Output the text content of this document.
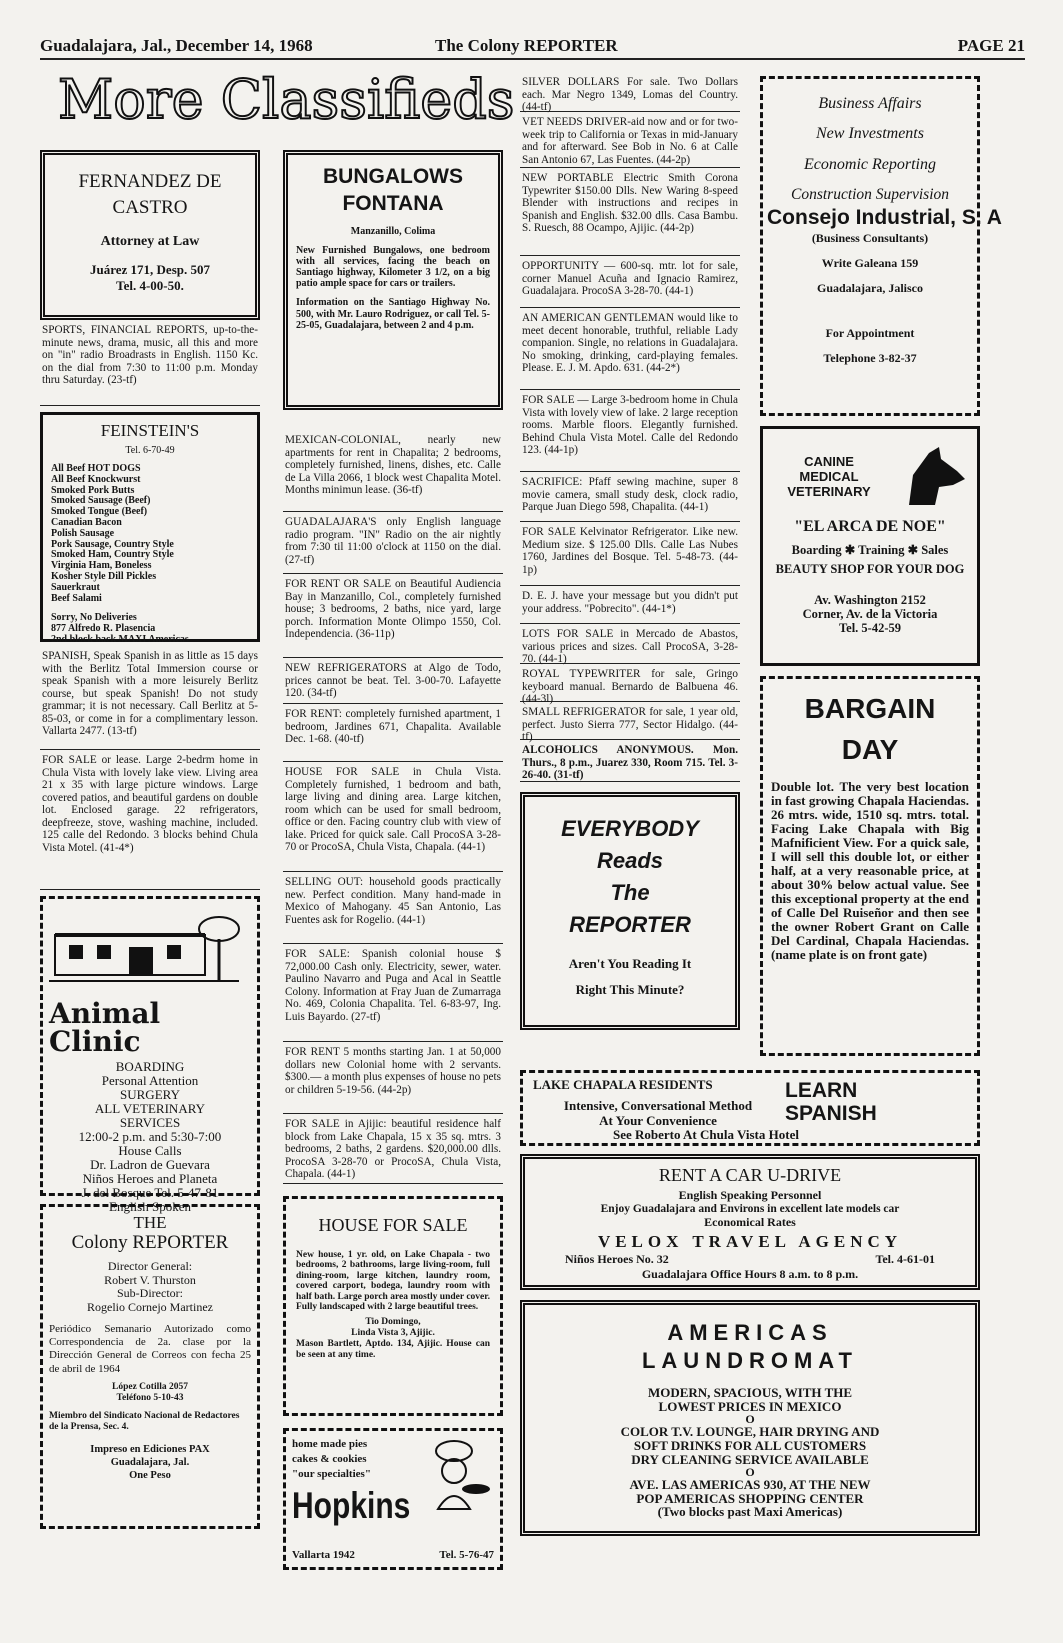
Guadalajara, Jal., December 14, 1968	The Colony REPORTER	PAGE 21
More Classifieds
FERNANDEZ DE CASTRO
Attorney at Law
Juárez 171, Desp. 507
Tel. 4-00-50.
SPORTS, FINANCIAL REPORTS, up-to-the-minute news, drama, music, all this and more on "in" radio Broadrasts in English. 1150 Kc. on the dial from 7:30 to 11:00 p.m. Monday thru Saturday. (23-tf)
FEINSTEIN'S
Tel. 6-70-49
All Beef HOT DOGS
All Beef Knockwurst
Smoked Pork Butts
Smoked Sausage (Beef)
Smoked Tongue (Beef)
Canadian Bacon
Polish Sausage
Pork Sausage, Country Style
Smoked Ham, Country Style
Virginia Ham, Boneless
Kosher Style Dill Pickles
Sauerkraut
Beef Salami
Sorry, No Deliveries
877 Alfredo R. Plasencia
2nd block back MAXI Americas
SPANISH, Speak Spanish in as little as 15 days with the Berlitz Total Immersion course or speak Spanish with a more leisurely Berlitz course, but speak Spanish! Do not study grammar; it is not necessary. Call Berlitz at 5-85-03, or come in for a complimentary lesson. Vallarta 2477. (13-tf)
FOR SALE or lease. Large 2-bedrm home in Chula Vista with lovely lake view. Living area 21 x 35 with large picture windows. Large covered patios, and beautiful gardens on double lot. Enclosed garage. 22 refrigerators, deepfreeze, stove, washing machine, included. 125 calle del Redondo. 3 blocks behind Chula Vista Motel. (41-4*)
Animal Clinic
BOARDING
Personal Attention
SURGERY
ALL VETERINARY
SERVICES
12:00-2 p.m. and 5:30-7:00
House Calls
Dr. Ladron de Guevara
Niños Heroes and Planeta
J. del Bosque Tel. 5-47-81
English Spoken
THE
Colony REPORTER
Director General:
Robert V. Thurston
Sub-Director:
Rogelio Cornejo Martinez
Periódico Semanario Autorizado como Correspondencia de 2a. clase por la Dirección General de Correos con fecha 25 de abril de 1964
López Cotilla 2057
Teléfono 5-10-43
Miembro del Sindicato Nacional de Redactores de la Prensa, Sec. 4.
Impreso en Ediciones PAX
Guadalajara, Jal.
One Peso
BUNGALOWS FONTANA
Manzanillo, Colima
New Furnished Bungalows, one bedroom with all services, facing the beach on Santiago highway, Kilometer 3 1/2, on a big patio ample space for cars or trailers.
Information on the Santiago Highway No. 500, with Mr. Lauro Rodriguez, or call Tel. 5-25-05, Guadalajara, between 2 and 4 p.m.
MEXICAN-COLONIAL, nearly new apartments for rent in Chapalita; 2 bedrooms, completely furnished, linens, dishes, etc. Calle de La Villa 2066, 1 block west Chapalita Motel. Months minimun lease. (36-tf)
GUADALAJARA'S only English language radio program. "IN" Radio on the air nightly from 7:30 til 11:00 o'clock at 1150 on the dial. (27-tf)
FOR RENT OR SALE on Beautiful Audiencia Bay in Manzanillo, Col., completely furnished house; 3 bedrooms, 2 baths, nice yard, large porch. Information Monte Olimpo 1550, Col. Independencia. (36-11p)
NEW REFRIGERATORS at Algo de Todo, prices cannot be beat. Tel. 3-00-70. Lafayette 120. (34-tf)
FOR RENT: completely furnished apartment, 1 bedroom, Jardines 671, Chapalita. Available Dec. 1-68. (40-tf)
HOUSE FOR SALE in Chula Vista. Completely furnished, 1 bedroom and bath, large living and dining area. Large kitchen, room which can be used for small bedroom, office or den. Facing country club with view of lake. Priced for quick sale. Call ProcoSA 3-28-70 or ProcoSA, Chula Vista, Chapala. (44-1)
SELLING OUT: household goods practically new. Perfect condition. Many hand-made in Mexico of Mahogany. 45 San Antonio, Las Fuentes ask for Rogelio. (44-1)
FOR SALE: Spanish colonial house $ 72,000.00 Cash only. Electricity, sewer, water. Paulino Navarro and Puga and Acal in Seattle Colony. Information at Fray Juan de Zumarraga No. 469, Colonia Chapalita. Tel. 6-83-97, Ing. Luis Bayardo. (27-tf)
FOR RENT 5 months starting Jan. 1 at 50,000 dollars new Colonial home with 2 servants. $300.— a month plus expenses of house no pets or children 5-19-56. (44-2p)
FOR SALE in Ajijic: beautiful residence half block from Lake Chapala, 15 x 35 sq. mtrs. 3 bedrooms, 2 baths, 2 gardens. $20,000.00 dlls. ProcoSA 3-28-70 or ProcoSA, Chula Vista, Chapala. (44-1)
HOUSE FOR SALE
New house, 1 yr. old, on Lake Chapala - two bedrooms, 2 bathrooms, large living-room, full dining-room, large kitchen, laundry room, covered carport, bodega, laundry room with half bath. Large porch area mostly under cover. Fully landscaped with 2 large beautiful trees.
Tio Domingo,
Linda Vista 3, Ajijic.
Mason Bartlett, Aptdo. 134, Ajijic. House can be seen at any time.
home made pies
cakes & cookies
"our specialties"
Hopkins
Vallarta 1942	Tel. 5-76-47
SILVER DOLLARS For sale. Two Dollars each. Mar Negro 1349, Lomas del Country. (44-tf)
VET NEEDS DRIVER-aid now and or for two-week trip to California or Texas in mid-January and for afterward. See Bob in No. 6 at Calle San Antonio 67, Las Fuentes. (44-2p)
NEW PORTABLE Electric Smith Corona Typewriter $150.00 Dlls. New Waring 8-speed Blender with instructions and recipes in Spanish and English. $32.00 dlls. Casa Bambu. S. Ruesch, 88 Ocampo, Ajijic. (44-2p)
OPPORTUNITY — 600-sq. mtr. lot for sale, corner Manuel Acuña and Ignacio Ramirez, Guadalajara. ProcoSA 3-28-70. (44-1)
AN AMERICAN GENTLEMAN would like to meet decent honorable, truthful, reliable Lady companion. Single, no relations in Guadalajara. No smoking, drinking, card-playing females. Please. E. J. M. Apdo. 631. (44-2*)
FOR SALE — Large 3-bedroom home in Chula Vista with lovely view of lake. 2 large reception rooms. Marble floors. Elegantly furnished. Behind Chula Vista Motel. Calle del Redondo 123. (44-1p)
SACRIFICE: Pfaff sewing machine, super 8 movie camera, small study desk, clock radio, Parque Juan Diego 598, Chapalita. (44-1)
FOR SALE Kelvinator Refrigerator. Like new. Medium size. $ 125.00 Dlls. Calle Las Nubes 1760, Jardines del Bosque. Tel. 5-48-73. (44-1p)
D. E. J. have your message but you didn't put your address. "Pobrecito". (44-1*)
LOTS FOR SALE in Mercado de Abastos, various prices and sizes. Call ProcoSA, 3-28-70. (44-1)
ROYAL TYPEWRITER for sale, Gringo keyboard manual. Bernardo de Balbuena 46. (44-3l)
SMALL REFRIGERATOR for sale, 1 year old, perfect. Justo Sierra 777, Sector Hidalgo. (44-tf)
ALCOHOLICS ANONYMOUS. Mon. Thurs., 8 p.m., Juarez 330, Room 715. Tel. 3-26-40. (31-tf)
EVERYBODY
Reads
The
REPORTER
Aren't You Reading It
Right This Minute?
Business Affairs
New Investments
Economic Reporting
Construction Supervision
Consejo Industrial, S. A
(Business Consultants)
Write Galeana 159
Guadalajara, Jalisco
For Appointment
Telephone 3-82-37
CANINE
MEDICAL
VETERINARY
"EL ARCA DE NOE"
Boarding ✱ Training ✱ Sales
BEAUTY SHOP FOR YOUR DOG
Av. Washington 2152
Corner, Av. de la Victoria
Tel. 5-42-59
BARGAIN
DAY
Double lot. The very best location in fast growing Chapala Haciendas. 26 mtrs. wide, 1510 sq. mtrs. total. Facing Lake Chapala with Big Mafnificient View. For a quick sale, I will sell this double lot, or either half, at a very reasonable price, at about 30% below actual value. See this exceptional property at the end of Calle Del Ruiseñor and then see the owner Robert Grant on Calle Del Cardinal, Chapala Haciendas. (name plate is on front gate)
LAKE CHAPALA RESIDENTS	LEARN
SPANISH
Intensive, Conversational Method
At Your Convenience
See Roberto At Chula Vista Hotel
RENT A CAR U-DRIVE
English Speaking Personnel
Enjoy Guadalajara and Environs in excellent late models car
Economical Rates
VELOX TRAVEL AGENCY
Niños Heroes No. 32	Tel. 4-61-01
Guadalajara Office Hours 8 a.m. to 8 p.m.
AMERICAS
LAUNDROMAT
MODERN, SPACIOUS, WITH THE
LOWEST PRICES IN MEXICO
O
COLOR T.V. LOUNGE, HAIR DRYING AND
SOFT DRINKS FOR ALL CUSTOMERS
DRY CLEANING SERVICE AVAILABLE
O
AVE. LAS AMERICAS 930, AT THE NEW
POP AMERICAS SHOPPING CENTER
(Two blocks past Maxi Americas)
